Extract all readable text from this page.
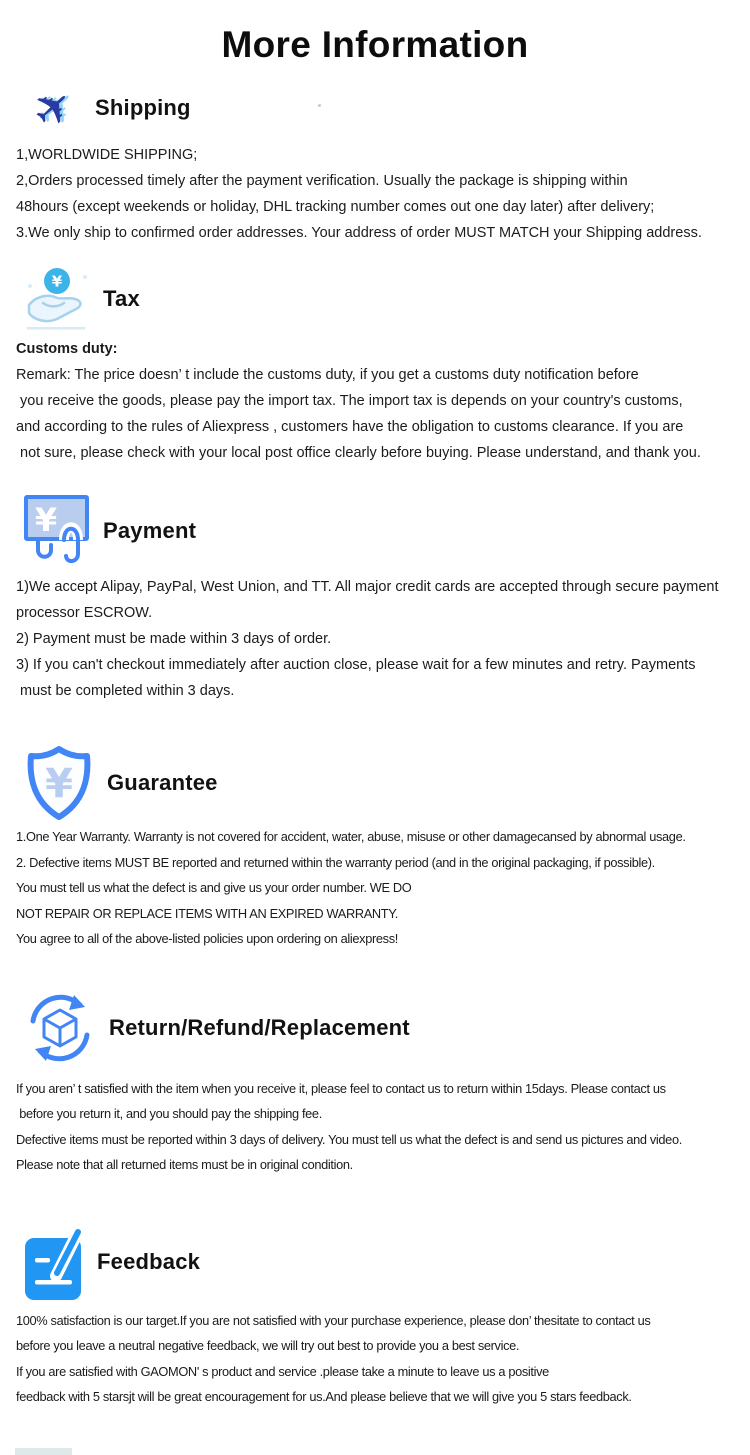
More Information
✈ Shipping
1,WORLDWIDE SHIPPING;
2,Orders processed timely after the payment verification. Usually the package is shipping within
48hours (except weekends or holiday, DHL tracking number comes out one day later) after delivery;
3.We only ship to confirmed order addresses. Your address of order MUST MATCH your Shipping address.
¥
Tax
Customs duty:
Remark: The price doesn’ t include the customs duty, if you get a customs duty notification before
you receive the goods, please pay the import tax. The import tax is depends on your country's customs,
and according to the rules of Aliexpress , customers have the obligation to customs clearance. If you are
not sure, please check with your local post office clearly before buying. Please understand, and thank you.
¥ Payment
1)We accept Alipay, PayPal, West Union, and TT. All major credit cards are accepted through secure payment
processor ESCROW.
2) Payment must be made within 3 days of order.
3) If you can't checkout immediately after auction close, please wait for a few minutes and retry. Payments
must be completed within 3 days.
¥ Guarantee
1.One Year Warranty. Warranty is not covered for accident, water, abuse, misuse or other damagecansed by abnormal usage.
2. Defective items MUST BE reported and returned within the warranty period (and in the original packaging, if possible).
You must tell us what the defect is and give us your order number. WE DO
NOT REPAIR OR REPLACE ITEMS WITH AN EXPIRED WARRANTY.
You agree to all of the above-listed policies upon ordering on aliexpress!
Return/Refund/Replacement
If you aren’ t satisfied with the item when you receive it, please feel to contact us to return within 15days. Please contact us
before you return it, and you should pay the shipping fee.
Defective items must be reported within 3 days of delivery. You must tell us what the defect is and send us pictures and video.
Please note that all returned items must be in original condition.
Feedback
100% satisfaction is our target.If you are not satisfied with your purchase experience, please don’ thesitate to contact us
before you leave a neutral negative feedback, we will try out best to provide you a best service.
If you are satisfied with GAOMON' s product and service .please take a minute to leave us a positive
feedback with 5 starsjt will be great encouragement for us.And please believe that we will give you 5 stars feedback.
